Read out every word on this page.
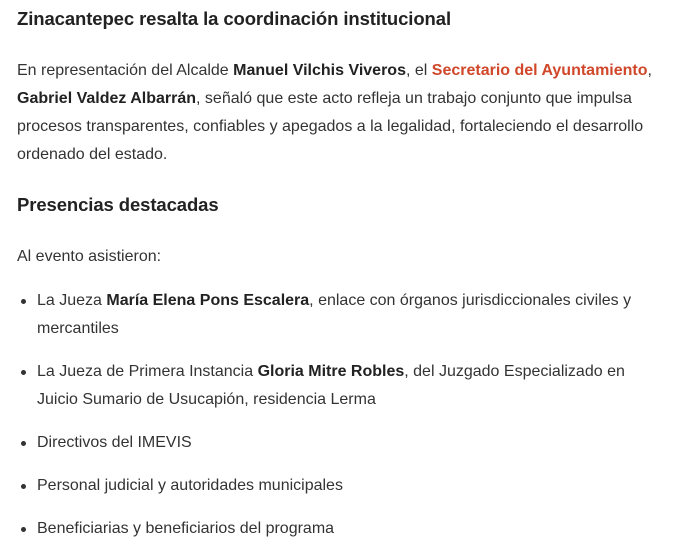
Zinacantepec resalta la coordinación institucional

En representación del Alcalde Manuel Vilchis Viveros, el Secretario del Ayuntamiento, Gabriel Valdez Albarrán, señaló que este acto refleja un trabajo conjunto que impulsa procesos transparentes, confiables y apegados a la legalidad, fortaleciendo el desarrollo ordenado del estado.

Presencias destacadas

Al evento asistieron:

La Jueza María Elena Pons Escalera, enlace con órganos jurisdiccionales civiles y mercantiles
La Jueza de Primera Instancia Gloria Mitre Robles, del Juzgado Especializado en Juicio Sumario de Usucapión, residencia Lerma
Directivos del IMEVIS
Personal judicial y autoridades municipales
Beneficiarias y beneficiarios del programa
